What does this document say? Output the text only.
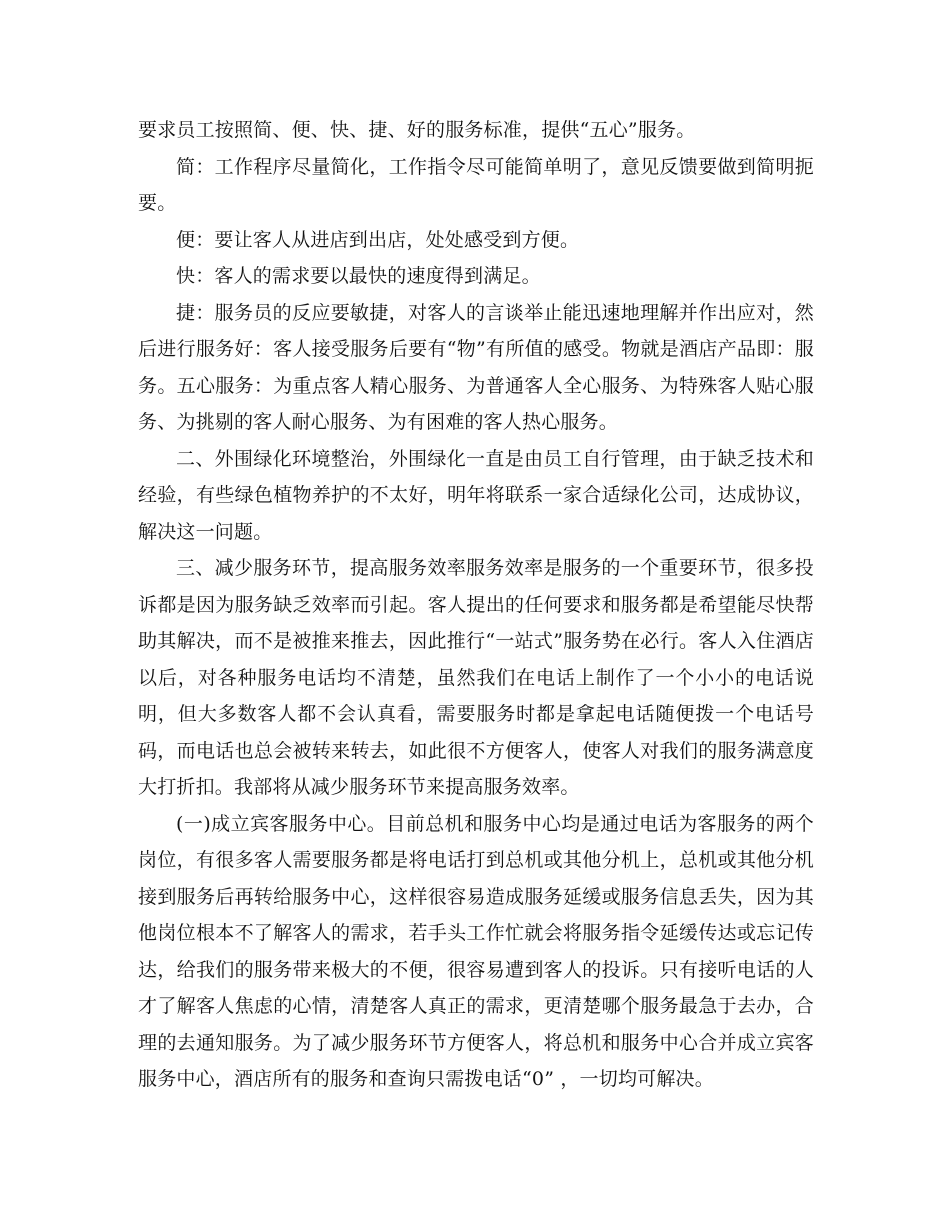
要求员工按照简、便、快、捷、好的服务标准，提供“五心”服务。

简：工作程序尽量简化，工作指令尽可能简单明了，意见反馈要做到简明扼要。

便：要让客人从进店到出店，处处感受到方便。

快：客人的需求要以最快的速度得到满足。

捷：服务员的反应要敏捷，对客人的言谈举止能迅速地理解并作出应对，然后进行服务好：客人接受服务后要有“物”有所值的感受。物就是酒店产品即：服务。五心服务：为重点客人精心服务、为普通客人全心服务、为特殊客人贴心服务、为挑剔的客人耐心服务、为有困难的客人热心服务。

二、外围绿化环境整治，外围绿化一直是由员工自行管理，由于缺乏技术和经验，有些绿色植物养护的不太好，明年将联系一家合适绿化公司，达成协议，解决这一问题。

三、减少服务环节，提高服务效率服务效率是服务的一个重要环节，很多投诉都是因为服务缺乏效率而引起。客人提出的任何要求和服务都是希望能尽快帮助其解决，而不是被推来推去，因此推行“一站式”服务势在必行。客人入住酒店以后，对各种服务电话均不清楚，虽然我们在电话上制作了一个小小的电话说明，但大多数客人都不会认真看，需要服务时都是拿起电话随便拨一个电话号码，而电话也总会被转来转去，如此很不方便客人，使客人对我们的服务满意度大打折扣。我部将从减少服务环节来提高服务效率。

(一)成立宾客服务中心。目前总机和服务中心均是通过电话为客服务的两个岗位，有很多客人需要服务都是将电话打到总机或其他分机上，总机或其他分机接到服务后再转给服务中心，这样很容易造成服务延缓或服务信息丢失，因为其他岗位根本不了解客人的需求，若手头工作忙就会将服务指令延缓传达或忘记传达，给我们的服务带来极大的不便，很容易遭到客人的投诉。只有接听电话的人才了解客人焦虑的心情，清楚客人真正的需求，更清楚哪个服务最急于去办，合理的去通知服务。为了减少服务环节方便客人，将总机和服务中心合并成立宾客服务中心，酒店所有的服务和查询只需拨电话“0” ，一切均可解决。
